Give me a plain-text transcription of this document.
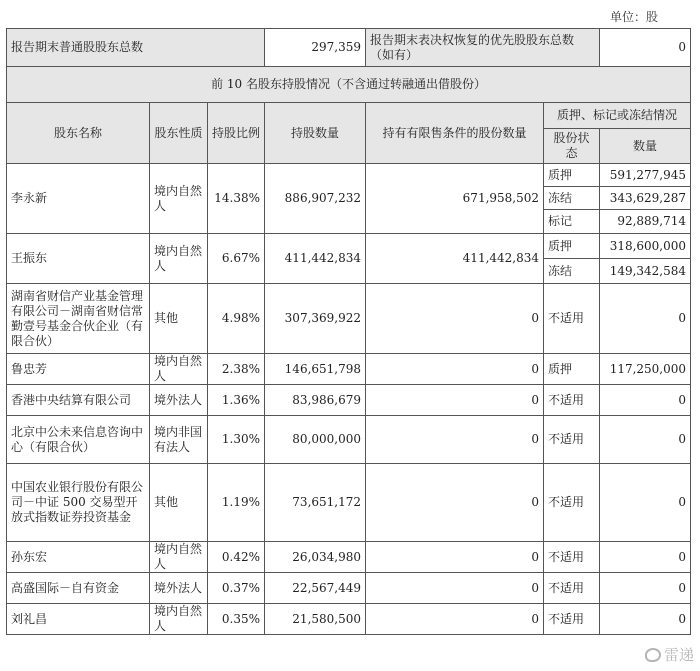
单位：股
报告期末普通股股东总数			297,359	报告期末表决权恢复的优先股股东总数（如有）		0
前 10 名股东持股情况（不含通过转融通出借股份）						
股东名称	股东性质	持股比例	持股数量	持有有限售条件的股份数量	质押、标记或冻结情况	
					股份状态	数量
李永新	境内自然人	14.38%	886,907,232	671,958,502	质押	591,277,945
					冻结	343,629,287
					标记	92,889,714
王振东	境内自然人	6.67%	411,442,834	411,442,834	质押	318,600,000
					冻结	149,342,584
湖南省财信产业基金管理有限公司－湖南省财信常勤壹号基金合伙企业（有限合伙）	其他	4.98%	307,369,922	0	不适用	0
鲁忠芳	境内自然人	2.38%	146,651,798	0	质押	117,250,000
香港中央结算有限公司	境外法人	1.36%	83,986,679	0	不适用	0
北京中公未来信息咨询中心（有限合伙）	境内非国有法人	1.30%	80,000,000	0	不适用	0
中国农业银行股份有限公司－中证 500 交易型开放式指数证券投资基金	其他	1.19%	73,651,172	0	不适用	0
孙东宏	境内自然人	0.42%	26,034,980	0	不适用	0
高盛国际－自有资金	境外法人	0.37%	22,567,449	0	不适用	0
刘礼昌	境内自然人	0.35%	21,580,500	0	不适用	0
雷递
